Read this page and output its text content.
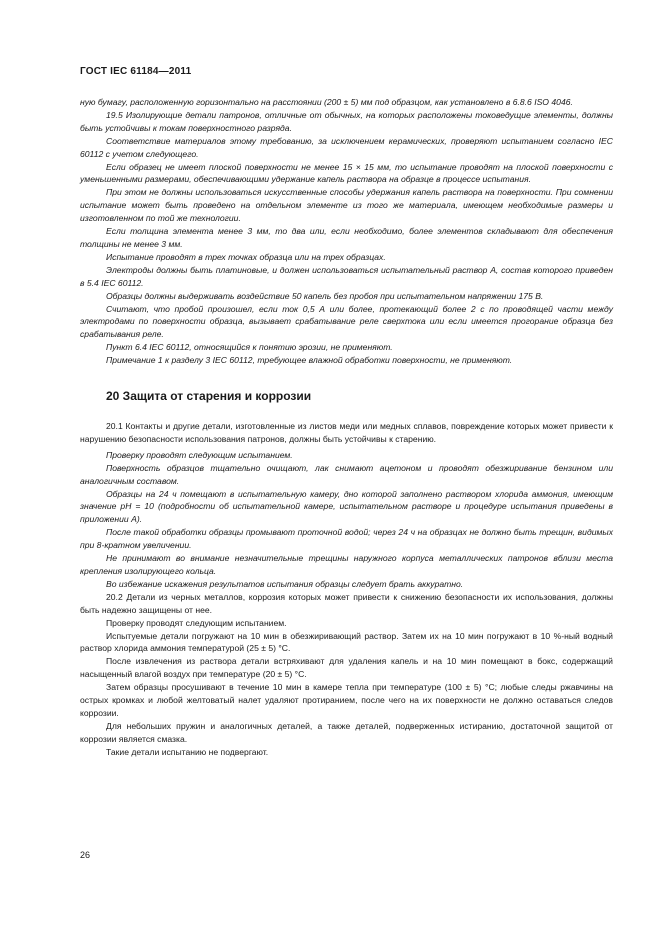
ГОСТ IEC 61184—2011

ную бумагу, расположенную горизонтально на расстоянии (200 ± 5) мм под образцом, как установлено в 6.8.6 ISO 4046.

19.5 Изолирующие детали патронов, отличные от обычных, на которых расположены токоведущие элементы, должны быть устойчивы к токам поверхностного разряда.

Соответствие материалов этому требованию, за исключением керамических, проверяют испытанием согласно IEC 60112 с учетом следующего.

Если образец не имеет плоской поверхности не менее 15 × 15 мм, то испытание проводят на плоской поверхности с уменьшенными размерами, обеспечивающими удержание капель раствора на образце в процессе испытания.

При этом не должны использоваться искусственные способы удержания капель раствора на поверхности. При сомнении испытание может быть проведено на отдельном элементе из того же материала, имеющем необходимые размеры и изготовленном по той же технологии.

Если толщина элемента менее 3 мм, то два или, если необходимо, более элементов складывают для обеспечения толщины не менее 3 мм.

Испытание проводят в трех точках образца или на трех образцах.

Электроды должны быть платиновые, и должен использоваться испытательный раствор A, состав которого приведен в 5.4 IEC 60112.

Образцы должны выдерживать воздействие 50 капель без пробоя при испытательном напряжении 175 В.

Считают, что пробой произошел, если ток 0,5 А или более, протекающий более 2 с по проводящей части между электродами по поверхности образца, вызывает срабатывание реле сверхтока или если имеется прогорание образца без срабатывания реле.

Пункт 6.4 IEC 60112, относящийся к понятию эрозии, не применяют.

Примечание 1 к разделу 3 IEC 60112, требующее влажной обработки поверхности, не применяют.

20 Защита от старения и коррозии

20.1 Контакты и другие детали, изготовленные из листов меди или медных сплавов, повреждение которых может привести к нарушению безопасности использования патронов, должны быть устойчивы к старению.

Проверку проводят следующим испытанием.

Поверхность образцов тщательно очищают, лак снимают ацетоном и проводят обезжиривание бензином или аналогичным составом.

Образцы на 24 ч помещают в испытательную камеру, дно которой заполнено раствором хлорида аммония, имеющим значение pH = 10 (подробности об испытательной камере, испытательном растворе и процедуре испытания приведены в приложении A).

После такой обработки образцы промывают проточной водой; через 24 ч на образцах не должно быть трещин, видимых при 8-кратном увеличении.

Не принимают во внимание незначительные трещины наружного корпуса металлических патронов вблизи места крепления изолирующего кольца.

Во избежание искажения результатов испытания образцы следует брать аккуратно.

20.2 Детали из черных металлов, коррозия которых может привести к снижению безопасности их использования, должны быть надежно защищены от нее.

Проверку проводят следующим испытанием.

Испытуемые детали погружают на 10 мин в обезжиривающий раствор. Затем их на 10 мин погружают в 10 %-ный водный раствор хлорида аммония температурой (25 ± 5) °C.

После извлечения из раствора детали встряхивают для удаления капель и на 10 мин помещают в бокс, содержащий насыщенный влагой воздух при температуре (20 ± 5) °C.

Затем образцы просушивают в течение 10 мин в камере тепла при температуре (100 ± 5) °C; любые следы ржавчины на острых кромках и любой желтоватый налет удаляют протиранием, после чего на их поверхности не должно оставаться следов коррозии.

Для небольших пружин и аналогичных деталей, а также деталей, подверженных истиранию, достаточной защитой от коррозии является смазка.

Такие детали испытанию не подвергают.

26
